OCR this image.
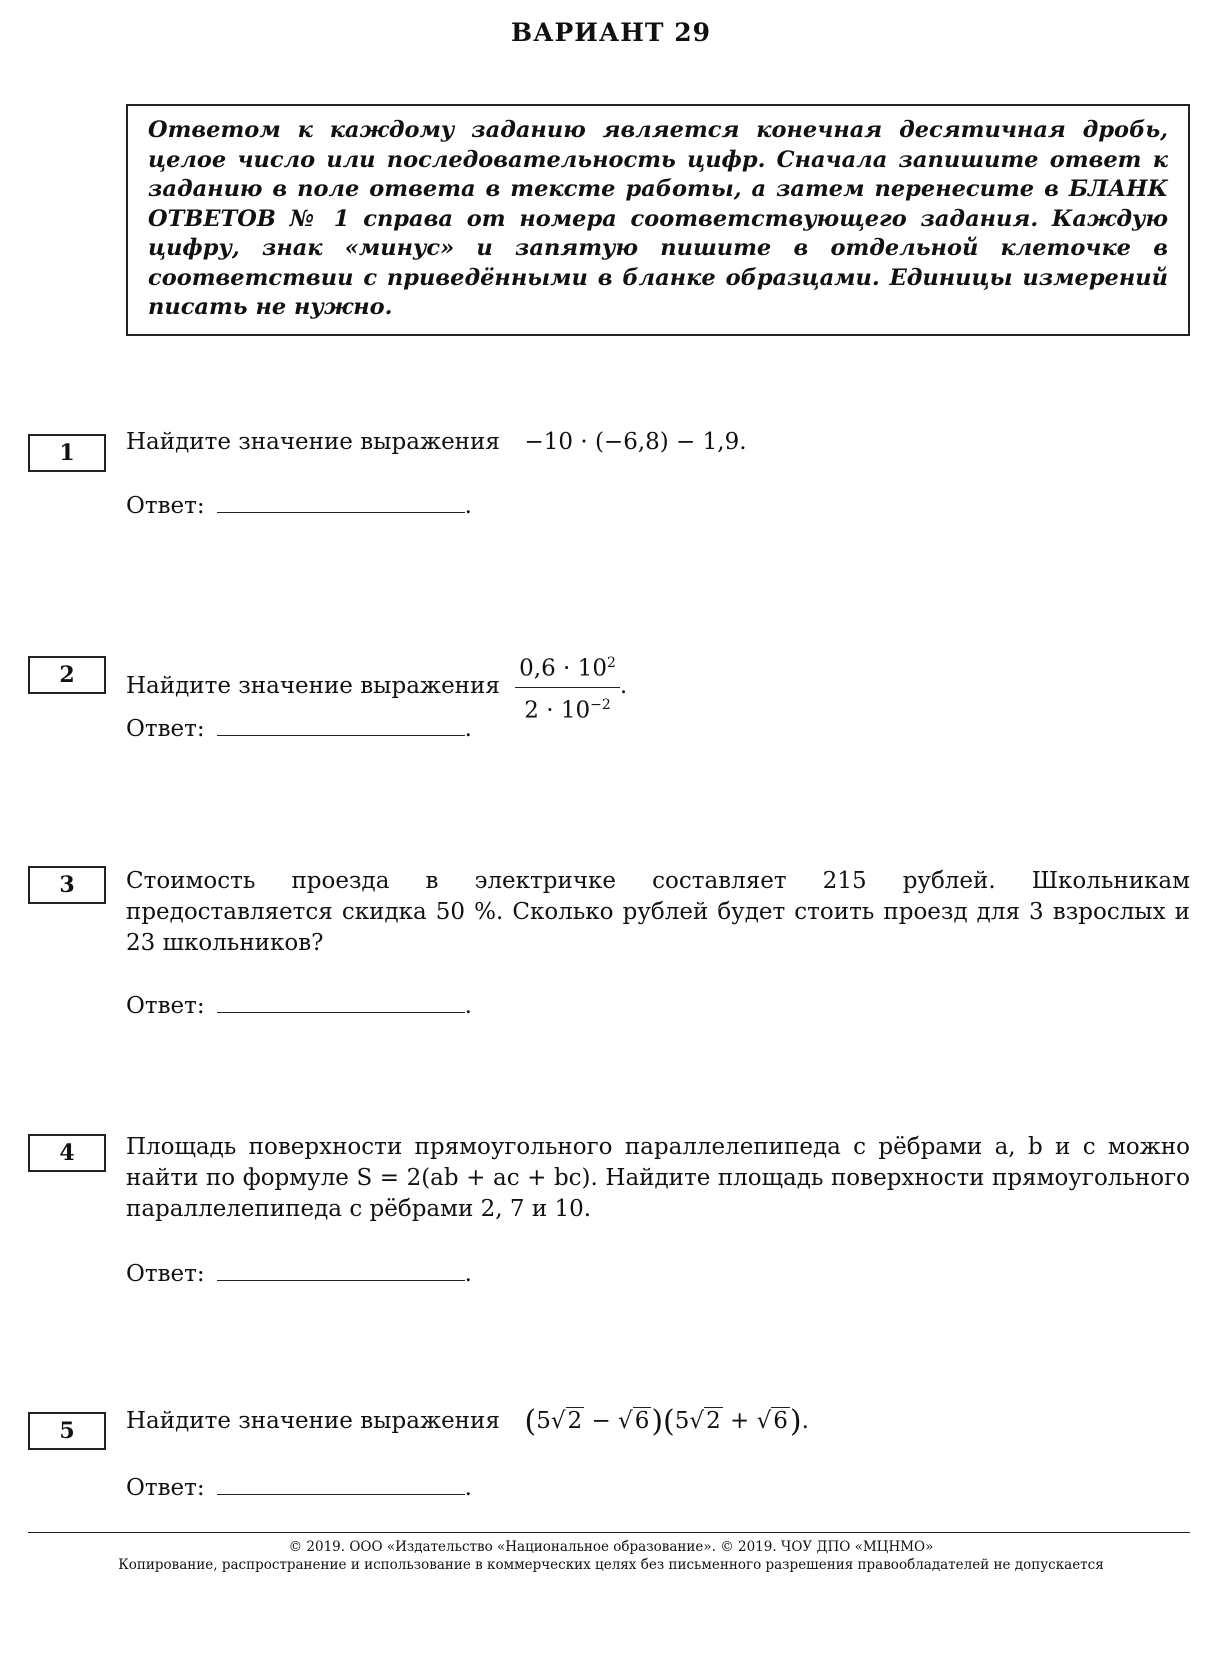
ВАРИАНТ 29

Ответом к каждому заданию является конечная десятичная дробь, целое число или последовательность цифр. Сначала запишите ответ к заданию в поле ответа в тексте работы, а затем перенесите в БЛАНК ОТВЕТОВ № 1 справа от номера соответствующего задания. Каждую цифру, знак «минус» и запятую пишите в отдельной клеточке в соответствии с приведёнными в бланке образцами. Единицы измерений писать не нужно.

1	Найдите значение выражения −10 · (−6,8) − 1,9.
Ответ:	.
2	Найдите значение выражения $\frac{0,6 \cdot 10^2}{2 \cdot 10^{-2}}$ .
Ответ:	.
3	Стоимость проезда в электричке составляет 215 рублей. Школьникам предоставляется скидка 50 %. Сколько рублей будет стоить проезд для 3 взрослых и 23 школьников?
Ответ:	.
4	Площадь поверхности прямоугольного параллелепипеда с рёбрами a, b и c можно найти по формуле S = 2(ab + ac + bc). Найдите площадь поверхности прямоугольного параллелепипеда с рёбрами 2, 7 и 10.
Ответ:	.
5	Найдите значение выражения (5√2 − √6)(5√2 + √6).
Ответ:	.
© 2019. ООО «Издательство «Национальное образование». © 2019. ЧОУ ДПО «МЦНМО»
Копирование, распространение и использование в коммерческих целях без письменного разрешения правообладателей не допускается
